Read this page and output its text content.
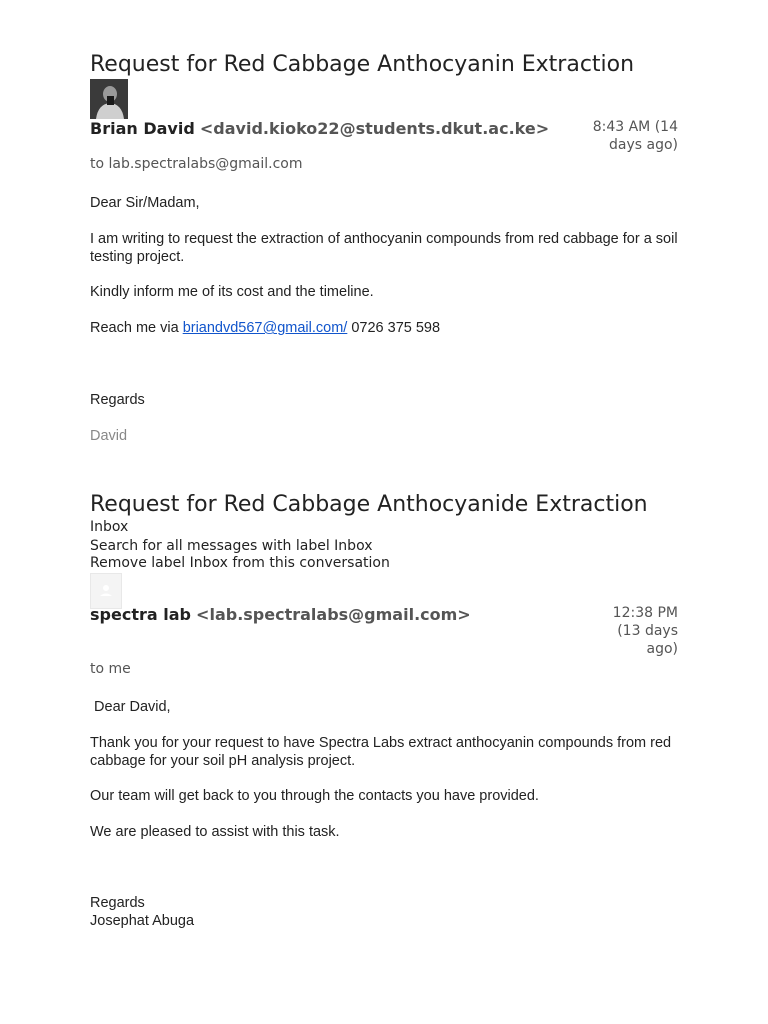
Request for Red Cabbage Anthocyanin Extraction
Brian David <david.kioko22@students.dkut.ac.ke>	8:43 AM (14
days ago)
to lab.spectralabs@gmail.com
Dear Sir/Madam,
I am writing to request the extraction of anthocyanin compounds from red cabbage for a soil testing project.
Kindly inform me of its cost and the timeline.
Reach me via briandvd567@gmail.com/ 0726 375 598
Regards
David
Request for Red Cabbage Anthocyanide Extraction
Inbox
Search for all messages with label Inbox
Remove label Inbox from this conversation
spectra lab <lab.spectralabs@gmail.com>	12:38 PM
(13 days
ago)
to me
Dear David,
Thank you for your request to have Spectra Labs extract anthocyanin compounds from red cabbage for your soil pH analysis project.
Our team will get back to you through the contacts you have provided.
We are pleased to assist with this task.
Regards
Josephat Abuga
